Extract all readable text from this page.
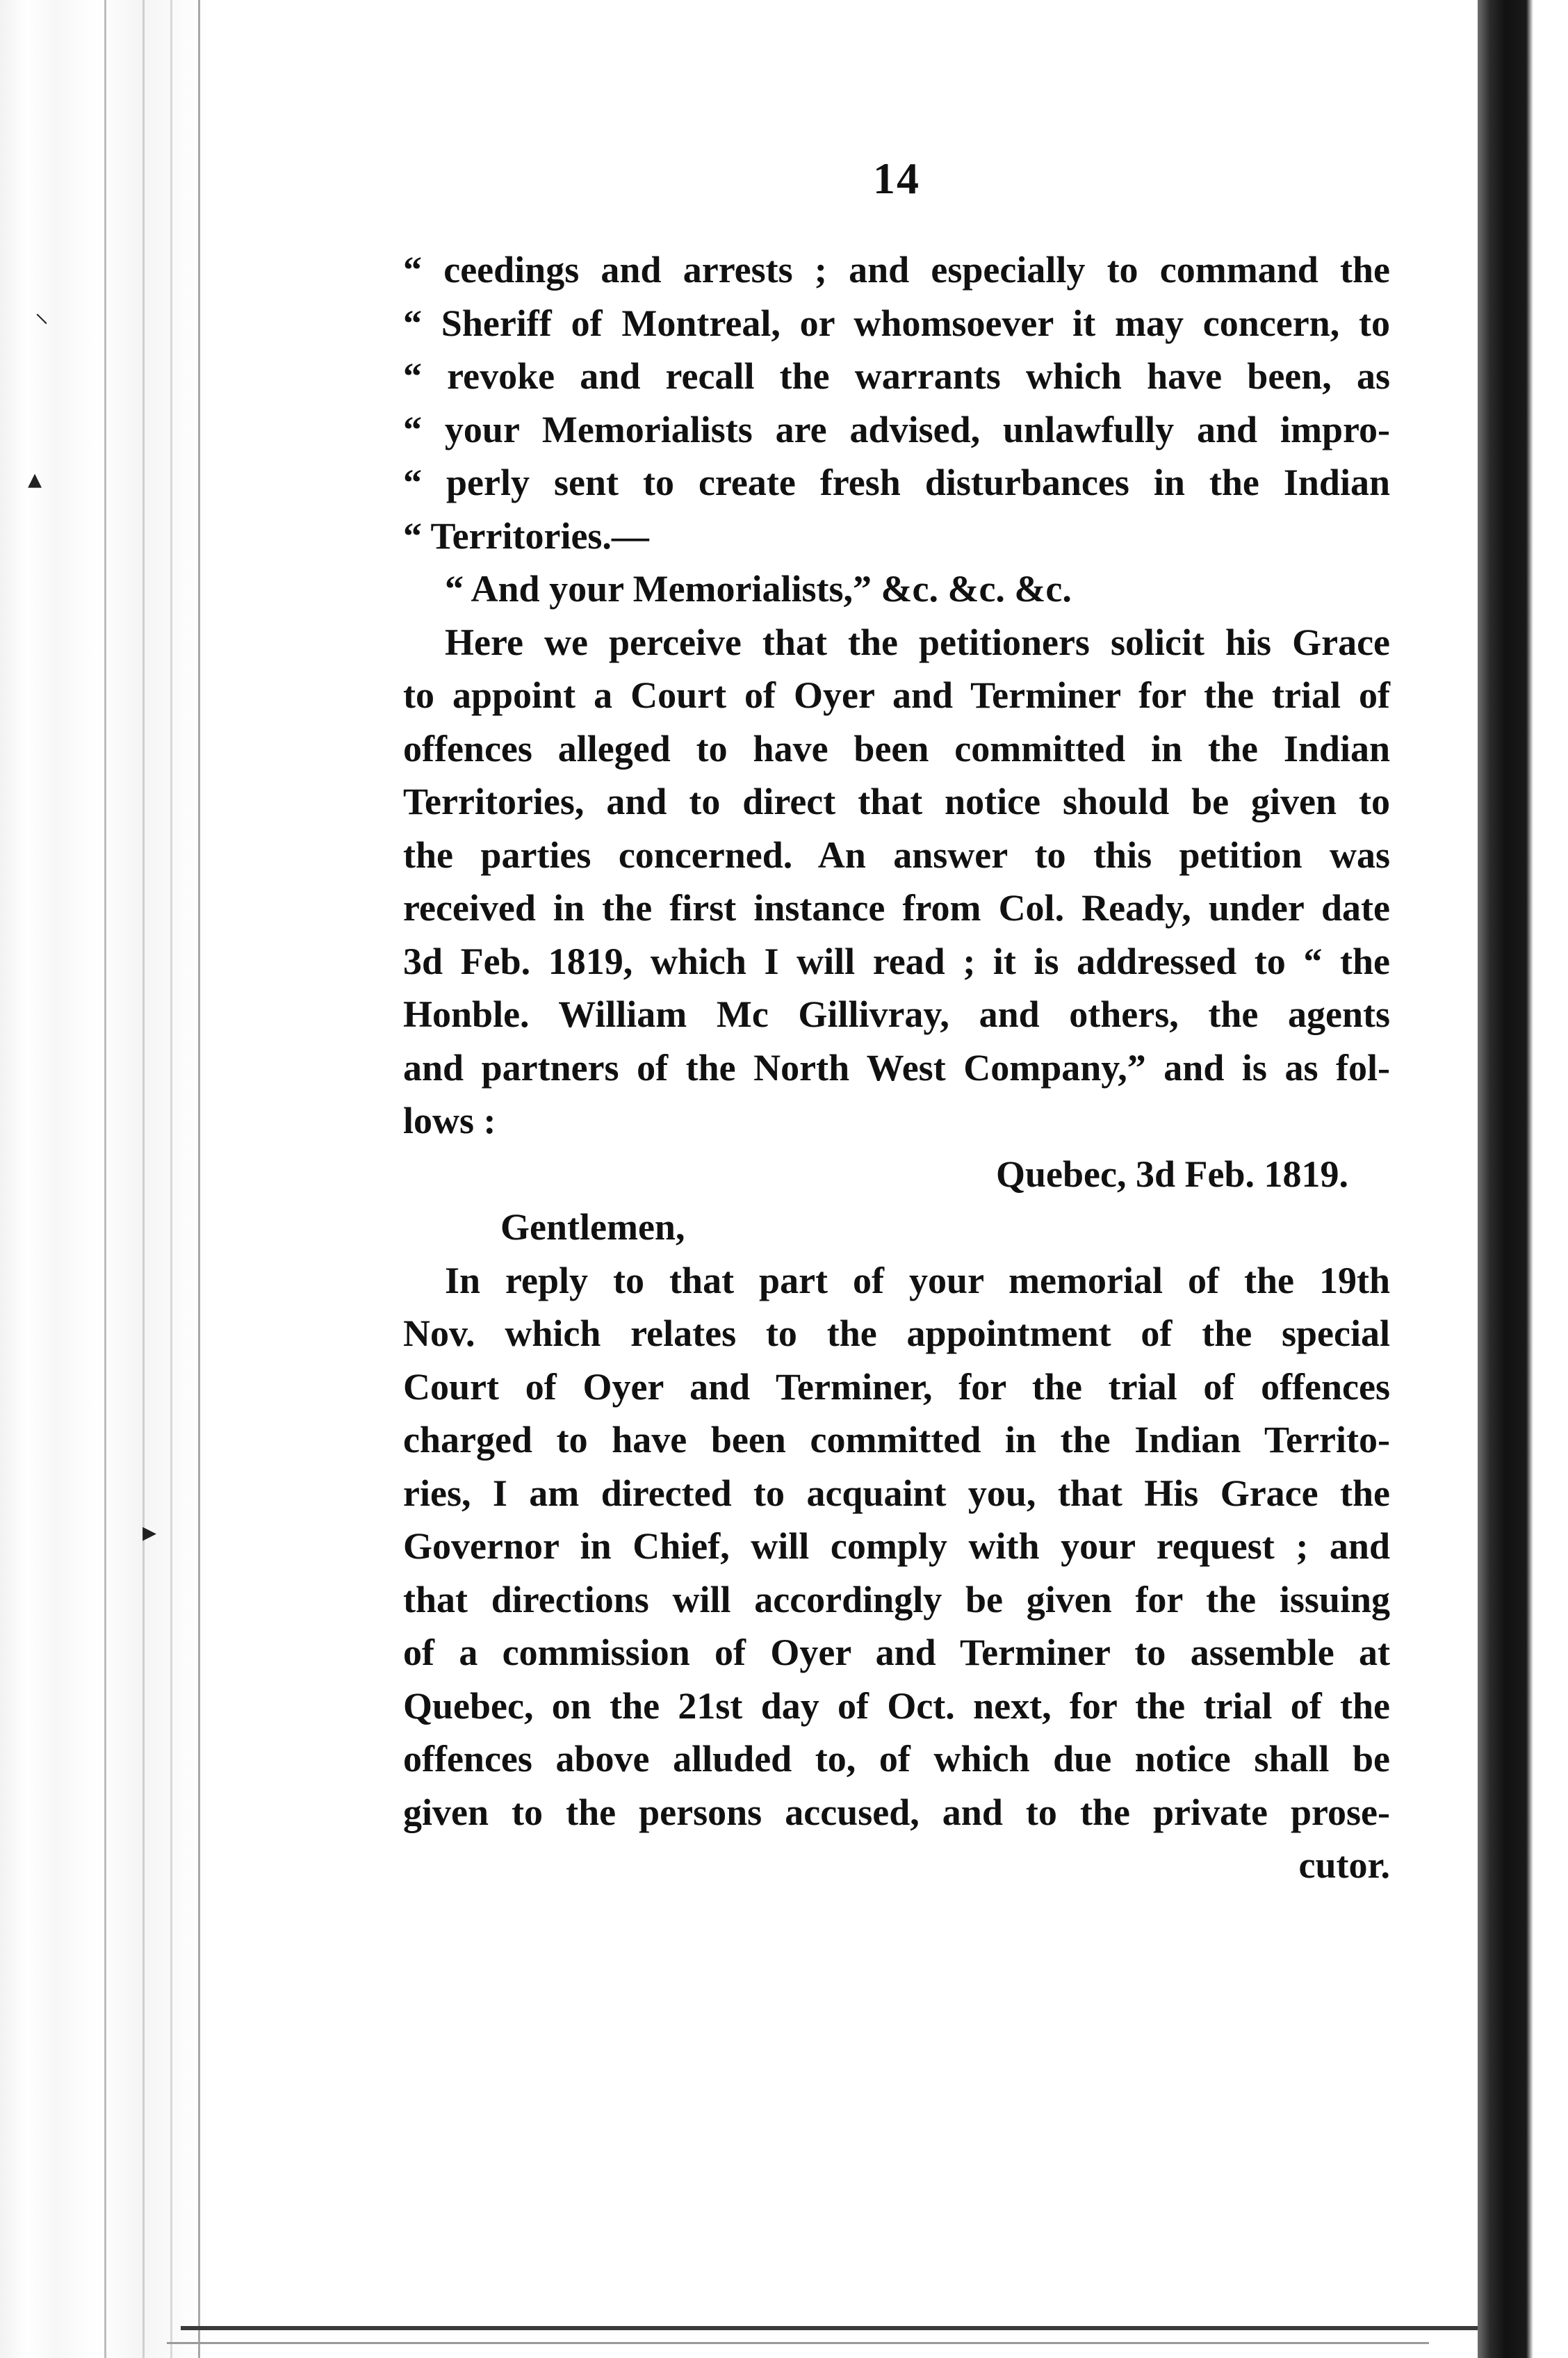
⸜
▴
▸
14
“ ceedings and arrests ; and especially to command the
“ Sheriff of Montreal, or whomsoever it may concern, to
“ revoke and recall the warrants which have been, as
“ your Memorialists are advised, unlawfully and impro-
“ perly sent to create fresh disturbances in the Indian
“ Territories.—
“ And your Memorialists,” &c. &c. &c.
Here we perceive that the petitioners solicit his Grace
to appoint a Court of Oyer and Terminer for the trial of
offences alleged to have been committed in the Indian
Territories, and to direct that notice should be given to
the parties concerned. An answer to this petition was
received in the first instance from Col. Ready, under date
3d Feb. 1819, which I will read ; it is addressed to “ the
Honble. William Mc Gillivray, and others, the agents
and partners of the North West Company,” and is as fol-
lows :
Quebec, 3d Feb. 1819.
Gentlemen,
In reply to that part of your memorial of the 19th
Nov. which relates to the appointment of the special
Court of Oyer and Terminer, for the trial of offences
charged to have been committed in the Indian Territo-
ries, I am directed to acquaint you, that His Grace the
Governor in Chief, will comply with your request ; and
that directions will accordingly be given for the issuing
of a commission of Oyer and Terminer to assemble at
Quebec, on the 21st day of Oct. next, for the trial of the
offences above alluded to, of which due notice shall be
given to the persons accused, and to the private prose-
cutor.
